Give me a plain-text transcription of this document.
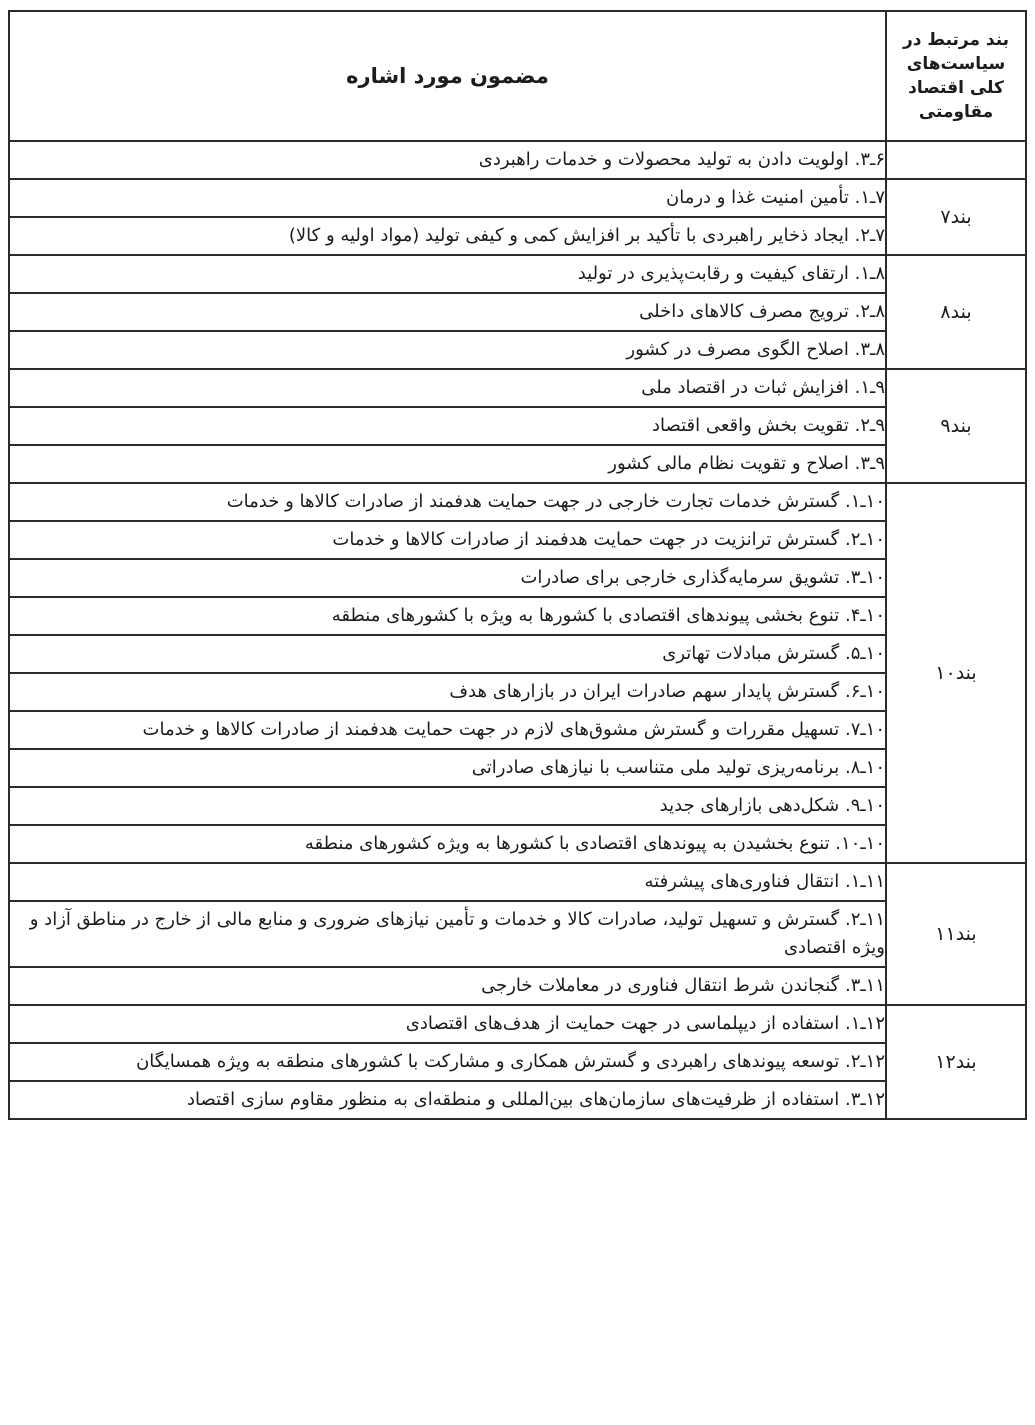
بند مرتبط در سیاست‌های کلی اقتصاد مقاومتی	مضمون مورد اشاره
	۶ـ۳. اولویت دادن به تولید محصولات و خدمات راهبردی
بند۷	۷ـ۱. تأمین امنیت غذا و درمان
	۷ـ۲. ایجاد ذخایر راهبردی با تأکید بر افزایش کمی و کیفی تولید (مواد اولیه و کالا)
بند۸	۸ـ۱. ارتقای کیفیت و رقابت‌پذیری در تولید
	۸ـ۲. ترویج مصرف کالاهای داخلی
	۸ـ۳. اصلاح الگوی مصرف در کشور
بند۹	۹ـ۱. افزایش ثبات در اقتصاد ملی
	۹ـ۲. تقویت بخش واقعی اقتصاد
	۹ـ۳. اصلاح و تقویت نظام مالی کشور
بند۱۰	۱۰ـ۱. گسترش خدمات تجارت خارجی در جهت حمایت هدفمند از صادرات کالاها و خدمات
	۱۰ـ۲. گسترش ترانزیت در جهت حمایت هدفمند از صادرات کالاها و خدمات
	۱۰ـ۳. تشویق سرمایه‌گذاری خارجی برای صادرات
	۱۰ـ۴. تنوع بخشی پیوندهای اقتصادی با کشورها به ویژه با کشورهای منطقه
	۱۰ـ۵. گسترش مبادلات تهاتری
	۱۰ـ۶. گسترش پایدار سهم صادرات ایران در بازارهای هدف
	۱۰ـ۷. تسهیل مقررات و گسترش مشوق‌های لازم در جهت حمایت هدفمند از صادرات کالاها و خدمات
	۱۰ـ۸. برنامه‌ریزی تولید ملی متناسب با نیازهای صادراتی
	۱۰ـ۹. شکل‌دهی بازارهای جدید
	۱۰ـ۱۰. تنوع بخشیدن به پیوندهای اقتصادی با کشورها به ویژه کشورهای منطقه
بند۱۱	۱۱ـ۱. انتقال فناوری‌های پیشرفته
	۱۱ـ۲. گسترش و تسهیل تولید، صادرات کالا و خدمات و تأمین نیازهای ضروری و منابع مالی از خارج در مناطق آزاد و ویژه اقتصادی
	۱۱ـ۳. گنجاندن شرط انتقال فناوری در معاملات خارجی
بند۱۲	۱۲ـ۱. استفاده از دیپلماسی در جهت حمایت از هدف‌های اقتصادی
	۱۲ـ۲. توسعه پیوندهای راهبردی و گسترش همکاری و مشارکت با کشورهای منطقه به ویژه همسایگان
	۱۲ـ۳. استفاده از ظرفیت‌های سازمان‌های بین‌المللی و منطقه‌ای به منظور مقاوم سازی اقتصاد
